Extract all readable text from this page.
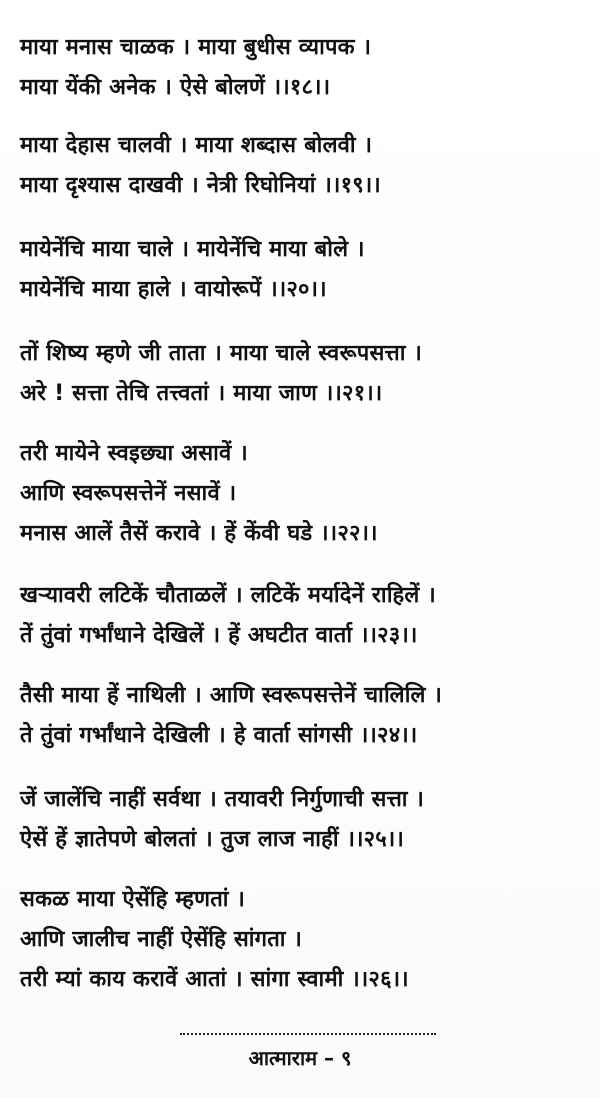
माया मनास चाळक । माया बुधीस व्यापक ।
माया येंकी अनेक । ऐसे बोलणें ।।१८।।
माया देहास चालवी । माया शब्दास बोलवी ।
माया दृश्यास दाखवी । नेत्री रिघोनियां ।।१९।।
मायेनेंचि माया चाले । मायेनेंचि माया बोले ।
मायेनेंचि माया हाले । वायोरूपें ।।२०।।
तों शिष्य म्हणे जी ताता । माया चाले स्वरूपसत्ता ।
अरे ! सत्ता तेचि तत्त्वतां । माया जाण ।।२१।।
तरी मायेने स्वइछ्या असावें ।
आणि स्वरूपसत्तेनें नसावें ।
मनास आलें तैसें करावे । हें केंवी घडे ।।२२।।
खऱ्यावरी लटिकें चौताळलें । लटिकें मर्यादेनें राहिलें ।
तें तुंवां गर्भांधाने देखिलें । हें अघटीत वार्ता ।।२३।।
तैसी माया हें नाथिली । आणि स्वरूपसत्तेनें चालिलि ।
ते तुंवां गर्भांधाने देखिली । हे वार्ता सांगसी ।।२४।।
जें जालेंचि नाहीं सर्वथा । तयावरी निर्गुणाची सत्ता ।
ऐसें हें ज्ञातेपणे बोलतां । तुज लाज नाहीं ।।२५।।
सकळ माया ऐसेंहि म्हणतां ।
आणि जालीच नाहीं ऐसेंहि सांगता ।
तरी म्यां काय करावें आतां । सांगा स्वामी ।।२६।।
आत्माराम – ९
